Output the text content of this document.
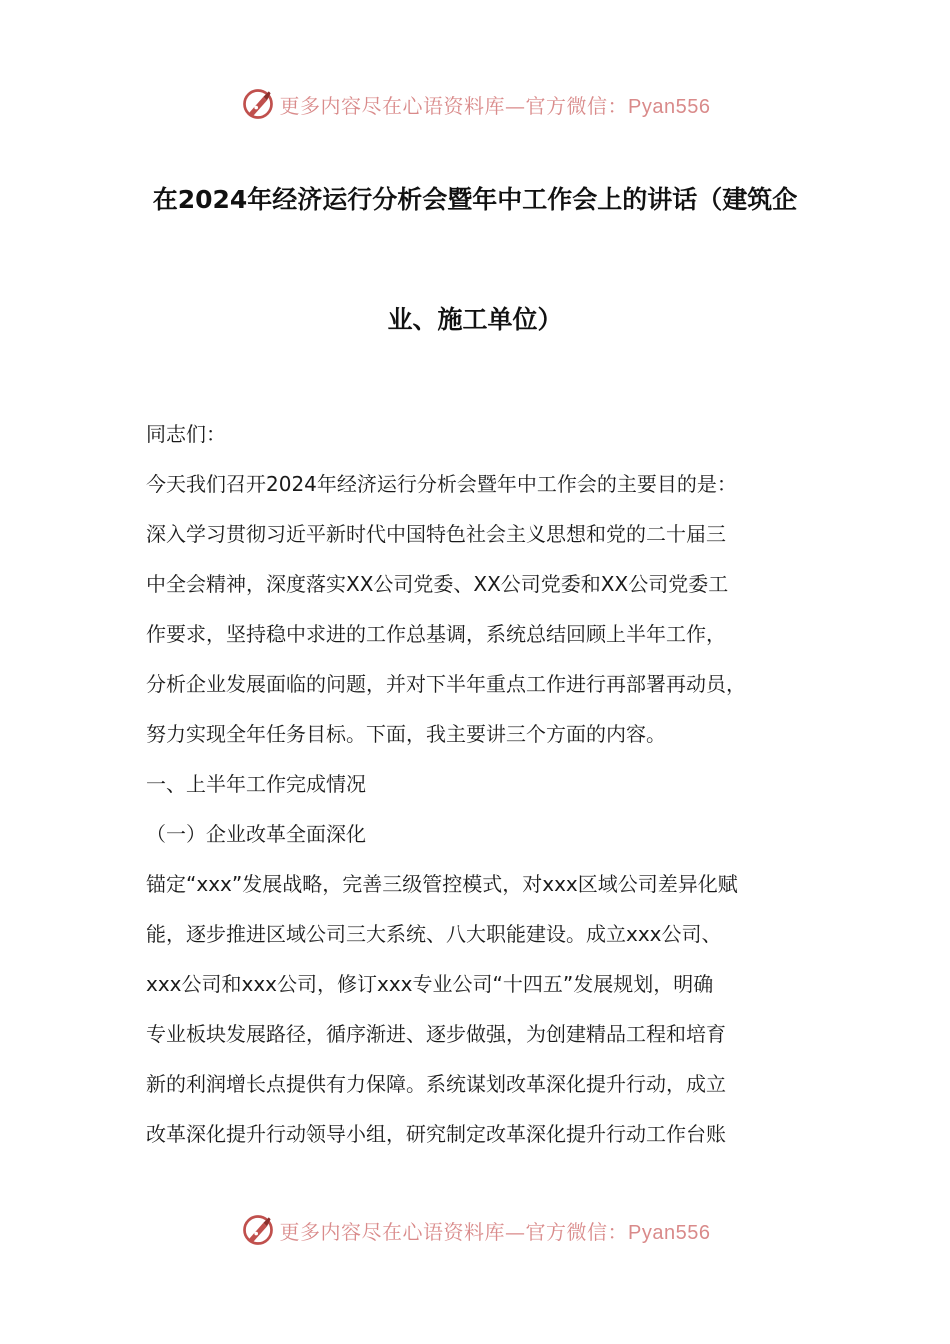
更多内容尽在心语资料库—官方微信：Pyan556
在2024年经济运行分析会暨年中工作会上的讲话（建筑企
业、施工单位）
同志们：
今天我们召开2024年经济运行分析会暨年中工作会的主要目的是：
深入学习贯彻习近平新时代中国特色社会主义思想和党的二十届三
中全会精神，深度落实XX公司党委、XX公司党委和XX公司党委工
作要求，坚持稳中求进的工作总基调，系统总结回顾上半年工作，
分析企业发展面临的问题，并对下半年重点工作进行再部署再动员，
努力实现全年任务目标。下面，我主要讲三个方面的内容。
一、上半年工作完成情况
（一）企业改革全面深化
锚定“xxx”发展战略，完善三级管控模式，对xxx区域公司差异化赋
能，逐步推进区域公司三大系统、八大职能建设。成立xxx公司、
xxx公司和xxx公司，修订xxx专业公司“十四五”发展规划，明确
专业板块发展路径，循序渐进、逐步做强，为创建精品工程和培育
新的利润增长点提供有力保障。系统谋划改革深化提升行动，成立
改革深化提升行动领导小组，研究制定改革深化提升行动工作台账
更多内容尽在心语资料库—官方微信：Pyan556
